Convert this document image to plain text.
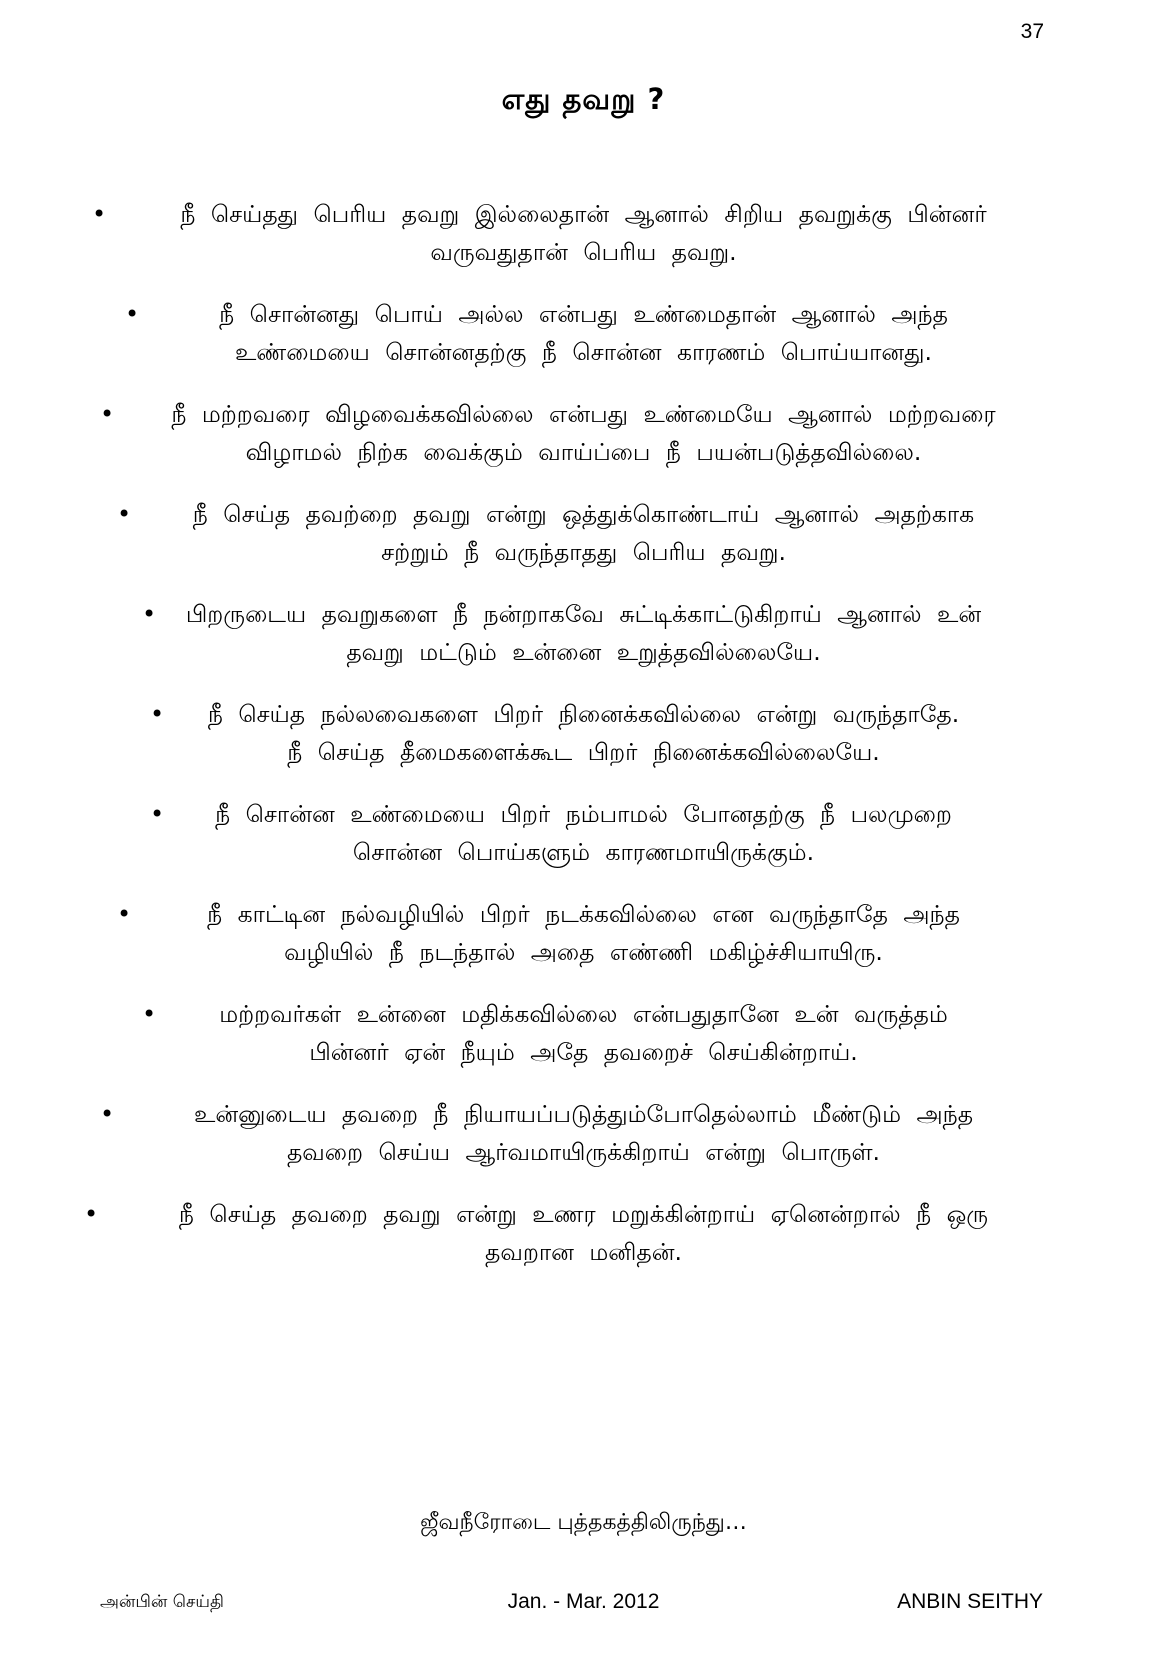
37
எது தவறு ?
•	நீ செய்தது பெரிய தவறு இல்லைதான் ஆனால் சிறிய தவறுக்கு பின்னர் வருவதுதான் பெரிய தவறு.
•	நீ சொன்னது பொய் அல்ல என்பது உண்மைதான் ஆனால் அந்த உண்மையை சொன்னதற்கு நீ சொன்ன காரணம் பொய்யானது.
•	நீ மற்றவரை விழவைக்கவில்லை என்பது உண்மையே ஆனால் மற்றவரை விழாமல் நிற்க வைக்கும் வாய்ப்பை நீ பயன்படுத்தவில்லை.
•	நீ செய்த தவற்றை தவறு என்று ஒத்துக்கொண்டாய் ஆனால் அதற்காக சற்றும் நீ வருந்தாதது பெரிய தவறு.
• பிறருடைய தவறுகளை நீ நன்றாகவே சுட்டிக்காட்டுகிறாய் ஆனால் உன் தவறு மட்டும் உன்னை உறுத்தவில்லையே.
• நீ செய்த நல்லவைகளை பிறர் நினைக்கவில்லை என்று வருந்தாதே. நீ செய்த தீமைகளைக்கூட பிறர் நினைக்கவில்லையே.
•	நீ சொன்ன உண்மையை பிறர் நம்பாமல் போனதற்கு நீ பலமுறை சொன்ன பொய்களும் காரணமாயிருக்கும்.
•	நீ காட்டின நல்வழியில் பிறர் நடக்கவில்லை என வருந்தாதே அந்த வழியில் நீ நடந்தால் அதை எண்ணி மகிழ்ச்சியாயிரு.
•	மற்றவர்கள் உன்னை மதிக்கவில்லை என்பதுதானே உன் வருத்தம் பின்னர் ஏன் நீயும் அதே தவறைச் செய்கின்றாய்.
•	உன்னுடைய தவறை நீ நியாயப்படுத்தும்போதெல்லாம் மீண்டும் அந்த தவறை செய்ய ஆர்வமாயிருக்கிறாய் என்று பொருள்.
•	நீ செய்த தவறை தவறு என்று உணர மறுக்கின்றாய் ஏனென்றால் நீ ஒரு தவறான மனிதன்.
ஜீவநீரோடை புத்தகத்திலிருந்து…
அன்பின் செய்தி	Jan. - Mar. 2012	ANBIN SEITHY
